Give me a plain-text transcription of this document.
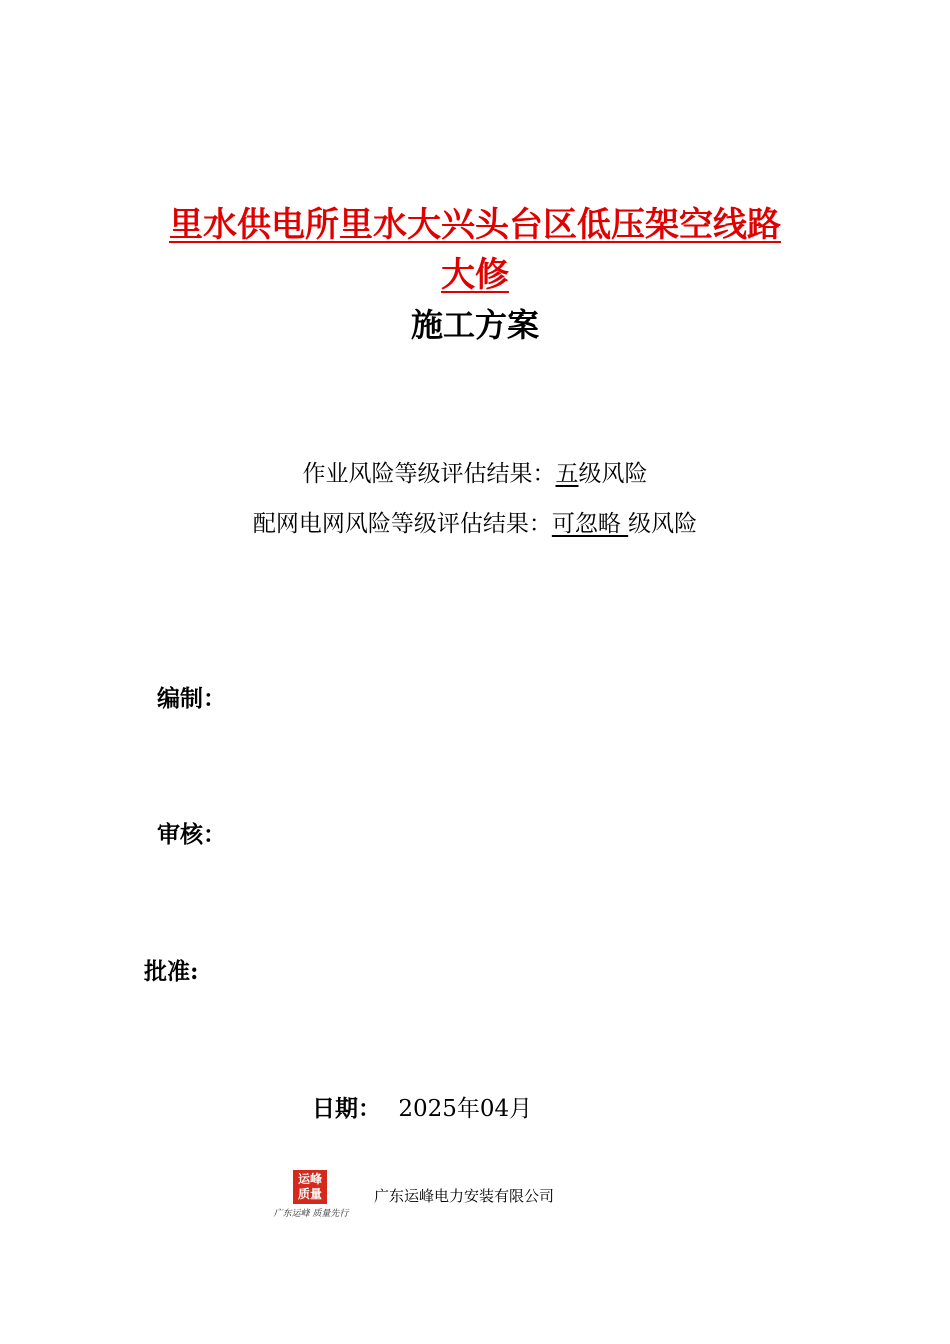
里水供电所里水大兴头台区低压架空线路
大修
施工方案
作业风险等级评估结果：五级风险
配网电网风险等级评估结果：可忽略 级风险
编制：
审核：
批准:
日期： 2025年04月
运峰
质量
广东运峰 质量先行
广东运峰电力安装有限公司
